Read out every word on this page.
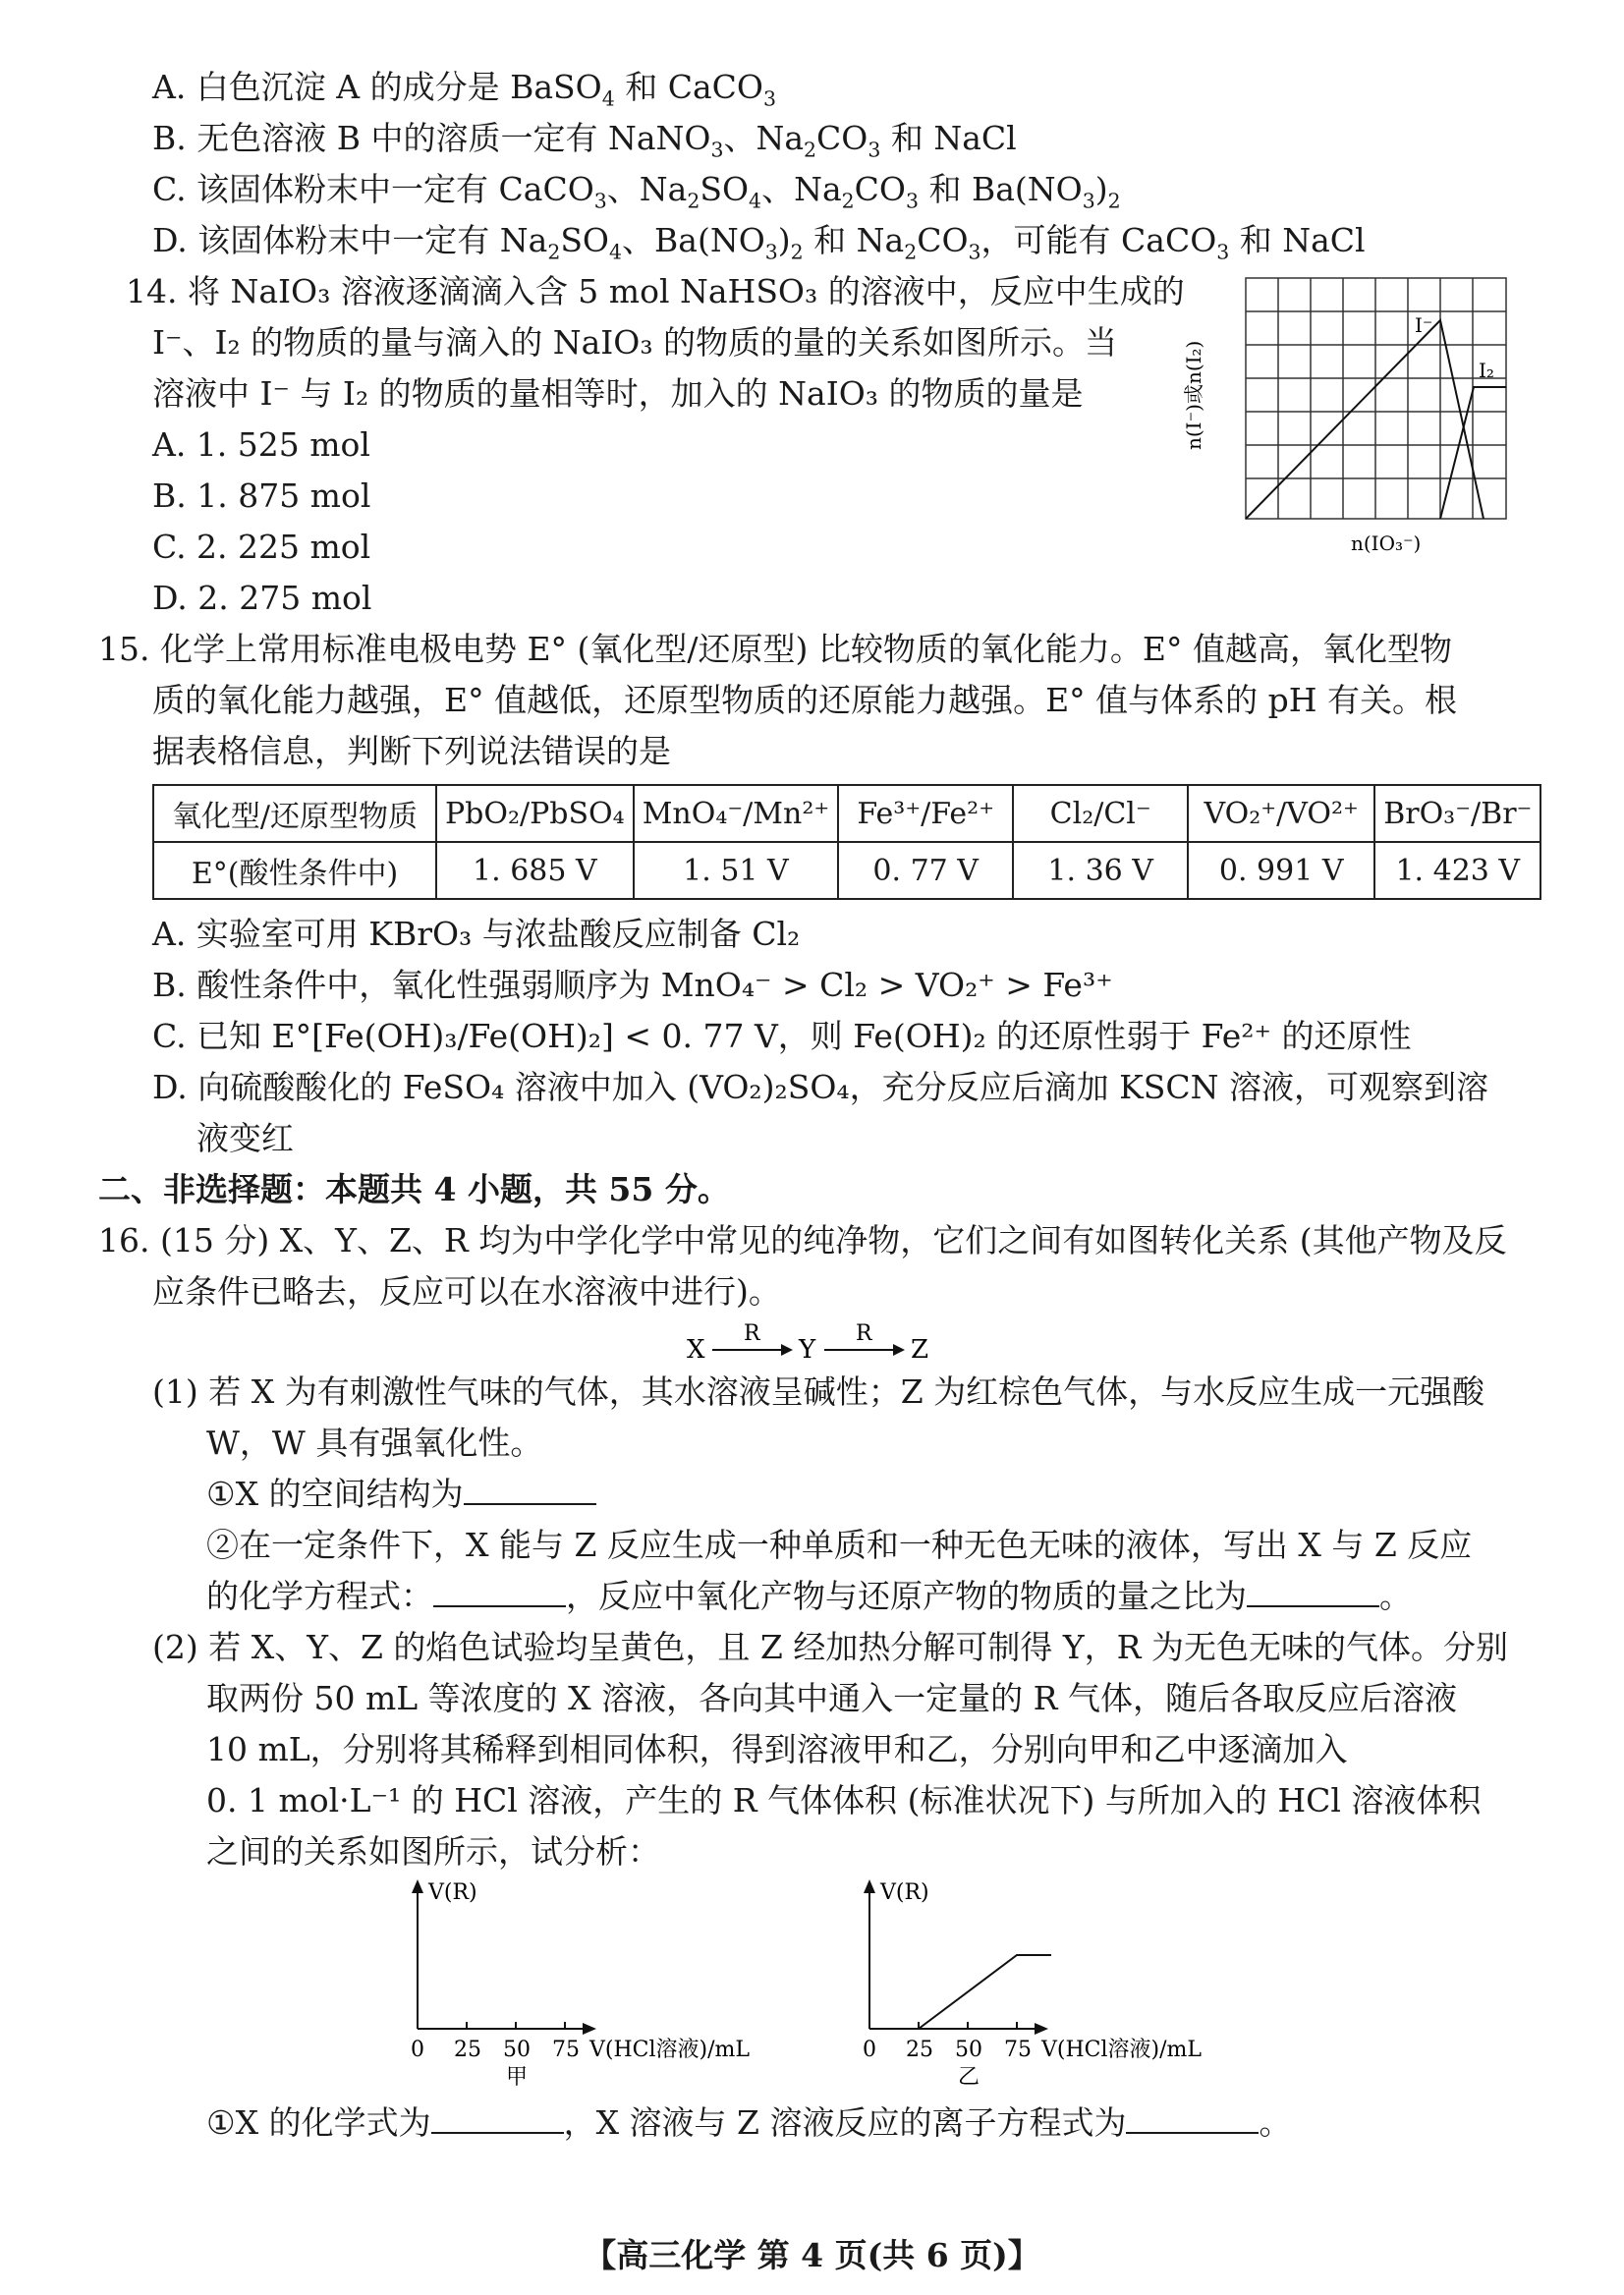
A. 白色沉淀 A 的成分是 BaSO$_4$ 和 CaCO$_3$
B. 无色溶液 B 中的溶质一定有 NaNO$_3$、$Na_2CO_3$ 和 NaCl
C. 该固体粉末中一定有 CaCO$_3$、$Na_2SO_4$、$Na_2CO_3$ 和 $Ba(NO_3)_2$
D. 该固体粉末中一定有 $Na_2SO_4$、$Ba(NO_3)_2$ 和 $Na_2CO_3$，可能有 CaCO$_3$ 和 NaCl
14. 将 NaIO₃ 溶液逐滴滴入含 5 mol NaHSO₃ 的溶液中，反应中生成的
I⁻、I₂ 的物质的量与滴入的 NaIO₃ 的物质的量的关系如图所示。当
溶液中 I⁻ 与 I₂ 的物质的量相等时，加入的 NaIO₃ 的物质的量是
A. 1. 525 mol
B. 1. 875 mol
C. 2. 225 mol
D. 2. 275 mol
I⁻
I₂
n(I⁻)或n(I₂)
n(IO₃⁻)
15. 化学上常用标准电极电势 E° (氧化型/还原型) 比较物质的氧化能力。E° 值越高，氧化型物
质的氧化能力越强，E° 值越低，还原型物质的还原能力越强。E° 值与体系的 pH 有关。根
据表格信息，判断下列说法错误的是
氧化型/还原型物质	PbO₂/PbSO₄	MnO₄⁻/Mn²⁺	Fe³⁺/Fe²⁺	Cl₂/Cl⁻	VO₂⁺/VO²⁺	BrO₃⁻/Br⁻
E°(酸性条件中)	1. 685 V	1. 51 V	0. 77 V	1. 36 V	0. 991 V	1. 423 V
A. 实验室可用 KBrO₃ 与浓盐酸反应制备 Cl₂
B. 酸性条件中，氧化性强弱顺序为 MnO₄⁻ > Cl₂ > VO₂⁺ > Fe³⁺
C. 已知 E°[Fe(OH)₃/Fe(OH)₂] < 0. 77 V，则 Fe(OH)₂ 的还原性弱于 Fe²⁺ 的还原性
D. 向硫酸酸化的 FeSO₄ 溶液中加入 (VO₂)₂SO₄，充分反应后滴加 KSCN 溶液，可观察到溶
液变红
二、非选择题：本题共 4 小题，共 55 分。
16. (15 分) X、Y、Z、R 均为中学化学中常见的纯净物，它们之间有如图转化关系 (其他产物及反
应条件已略去，反应可以在水溶液中进行)。
X
R
Y
R
Z
(1) 若 X 为有刺激性气味的气体，其水溶液呈碱性；Z 为红棕色气体，与水反应生成一元强酸
W，W 具有强氧化性。
①X 的空间结构为
②在一定条件下，X 能与 Z 反应生成一种单质和一种无色无味的液体，写出 X 与 Z 反应
的化学方程式：	，反应中氧化产物与还原产物的物质的量之比为	。
(2) 若 X、Y、Z 的焰色试验均呈黄色，且 Z 经加热分解可制得 Y，R 为无色无味的气体。分别
取两份 50 mL 等浓度的 X 溶液，各向其中通入一定量的 R 气体，随后各取反应后溶液
10 mL，分别将其稀释到相同体积，得到溶液甲和乙，分别向甲和乙中逐滴加入
0. 1 mol·L⁻¹ 的 HCl 溶液，产生的 R 气体体积 (标准状况下) 与所加入的 HCl 溶液体积
之间的关系如图所示，试分析：
V(R)
0 25 50 75 V(HCl溶液)/mL
甲
V(R)
0 25 50 75 V(HCl溶液)/mL
乙
①X 的化学式为	，X 溶液与 Z 溶液反应的离子方程式为	。
【高三化学 第 4 页(共 6 页)】
